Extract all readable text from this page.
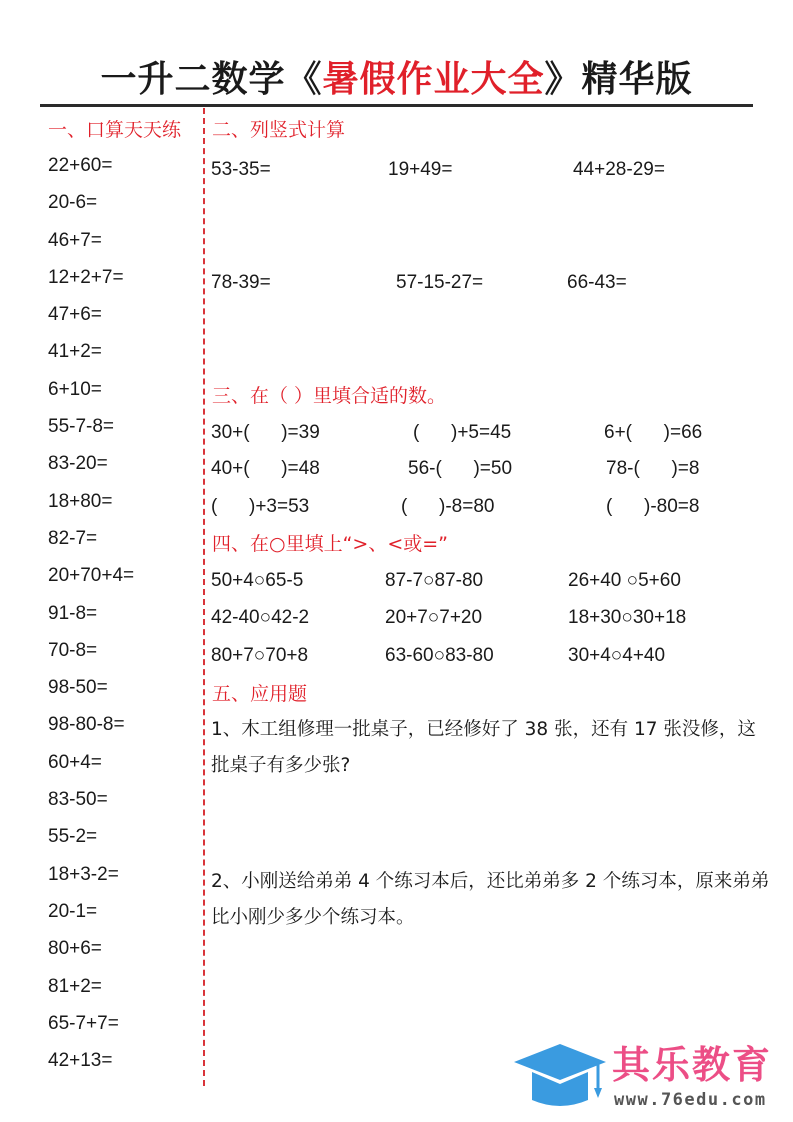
一升二数学《暑假作业大全》精华版
一、口算天天练
22+60=
20-6=
46+7=
12+2+7=
47+6=
41+2=
6+10=
55-7-8=
83-20=
18+80=
82-7=
20+70+4=
91-8=
70-8=
98-50=
98-80-8=
60+4=
83-50=
55-2=
18+3-2=
20-1=
80+6=
81+2=
65-7+7=
42+13=
二、列竖式计算
53-35=	19+49=	44+28-29=
78-39=	57-15-27=	66-43=
三、在（ ）里填合适的数。
30+(      )=39	(      )+5=45	6+(      )=66
40+(      )=48	56-(      )=50	78-(      )=8
(      )+3=53	(      )-8=80	(      )-80=8
四、在○里填上“>、<或=”
50+4○65-5	87-7○87-80	26+40 ○5+60
42-40○42-2	20+7○7+20	18+30○30+18
80+7○70+8	63-60○83-80	30+4○4+40
五、应用题
1、木工组修理一批桌子，已经修好了 38 张，还有 17 张没修，这批桌子有多少张?
2、小刚送给弟弟 4 个练习本后，还比弟弟多 2 个练习本，原来弟弟比小刚少多少个练习本。
其乐教育
www.76edu.com
